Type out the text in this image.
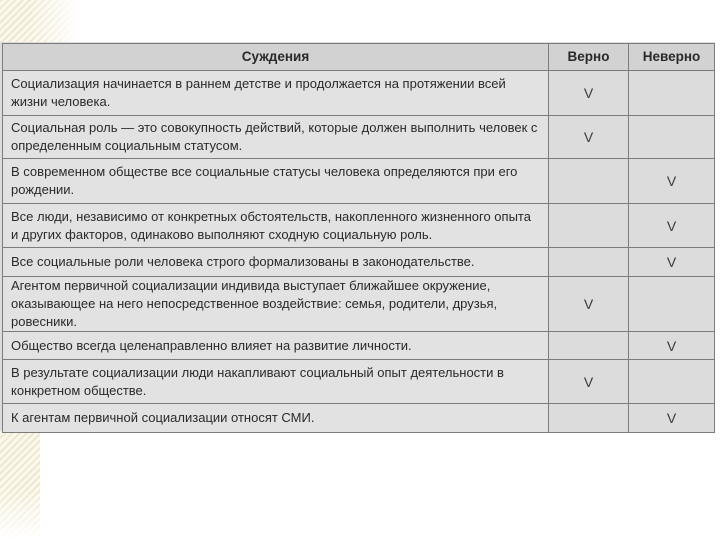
Суждения	Верно	Неверно
Социализация начинается в раннем детстве и продолжается на протяжении всей жизни человека.	V	
Социальная роль — это совокупность действий, которые должен выполнить человек с определенным социальным статусом.	V	
В современном обществе все социальные статусы человека определяются при его рождении.		V
Все люди, независимо от конкретных обстоятельств, накопленного жизненного опыта и других факторов, одинаково выполняют сходную социальную роль.		V
Все социальные роли человека строго формализованы в законодательстве.		V
Агентом первичной социализации индивида выступает ближайшее окружение, оказывающее на него непосредственное воздействие: семья, родители, друзья, ровесники.	V	
Общество всегда целенаправленно влияет на развитие личности.		V
В результате социализации люди накапливают социальный опыт деятельности в конкретном обществе.	V	
К агентам первичной социализации относят СМИ.		V
